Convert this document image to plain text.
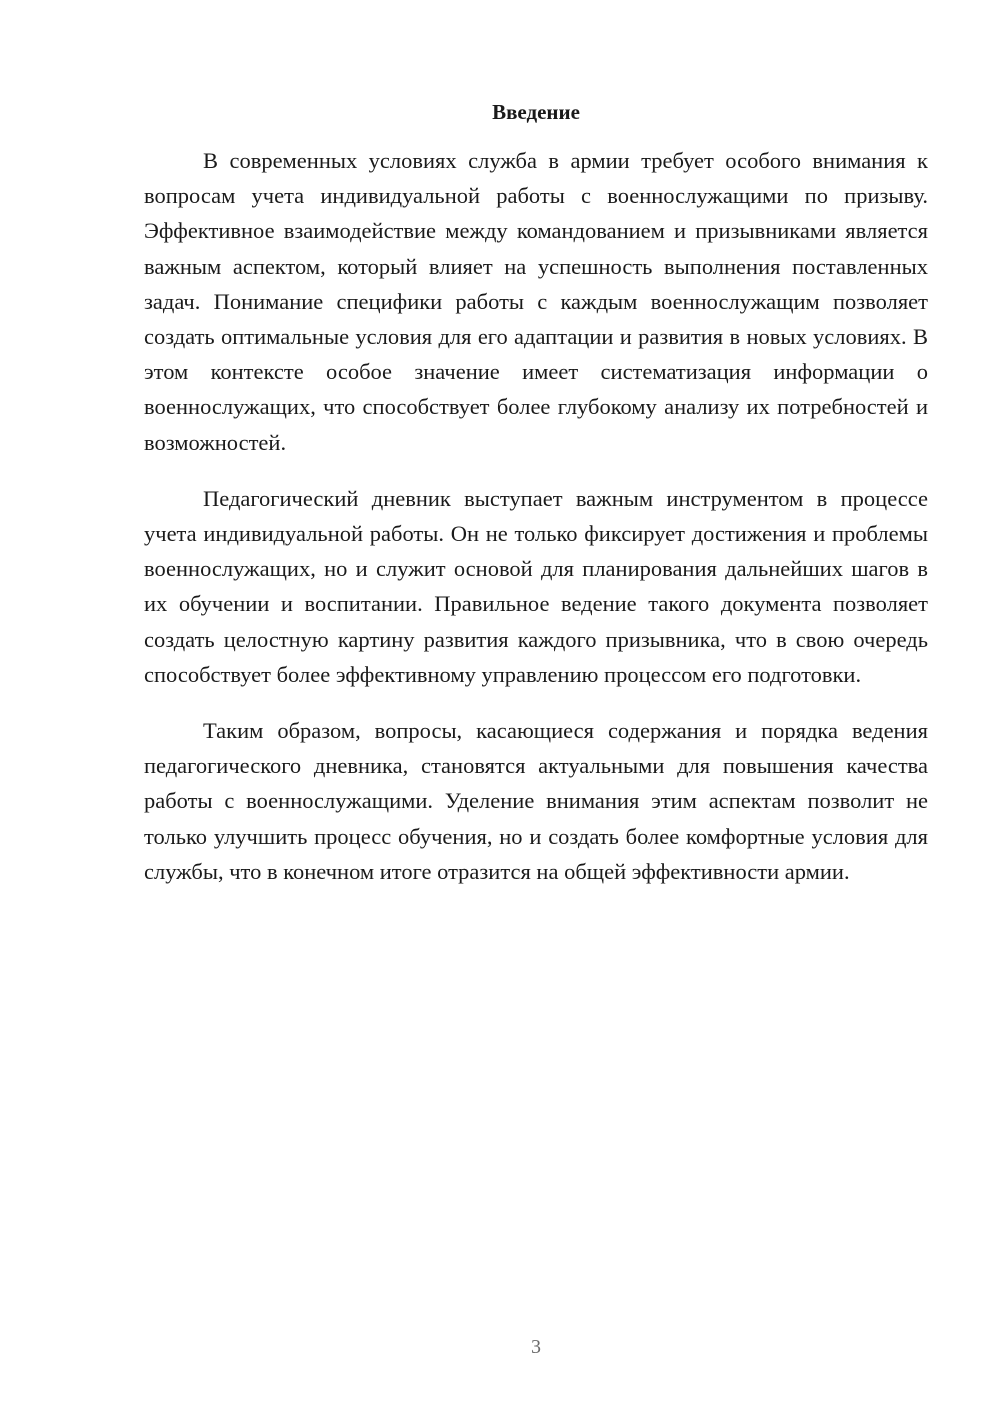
Введение

В современных условиях служба в армии требует особого внимания к вопросам учета индивидуальной работы с военнослужащими по призыву. Эффективное взаимодействие между командованием и призывниками является важным аспектом, который влияет на успешность выполнения поставленных задач. Понимание специфики работы с каждым военнослужащим позволяет создать оптимальные условия для его адаптации и развития в новых условиях. В этом контексте особое значение имеет систематизация информации о военнослужащих, что способствует более глубокому анализу их потребностей и возможностей.

Педагогический дневник выступает важным инструментом в процессе учета индивидуальной работы. Он не только фиксирует достижения и проблемы военнослужащих, но и служит основой для планирования дальнейших шагов в их обучении и воспитании. Правильное ведение такого документа позволяет создать целостную картину развития каждого призывника, что в свою очередь способствует более эффективному управлению процессом его подготовки.

Таким образом, вопросы, касающиеся содержания и порядка ведения педагогического дневника, становятся актуальными для повышения качества работы с военнослужащими. Уделение внимания этим аспектам позволит не только улучшить процесс обучения, но и создать более комфортные условия для службы, что в конечном итоге отразится на общей эффективности армии.

3
